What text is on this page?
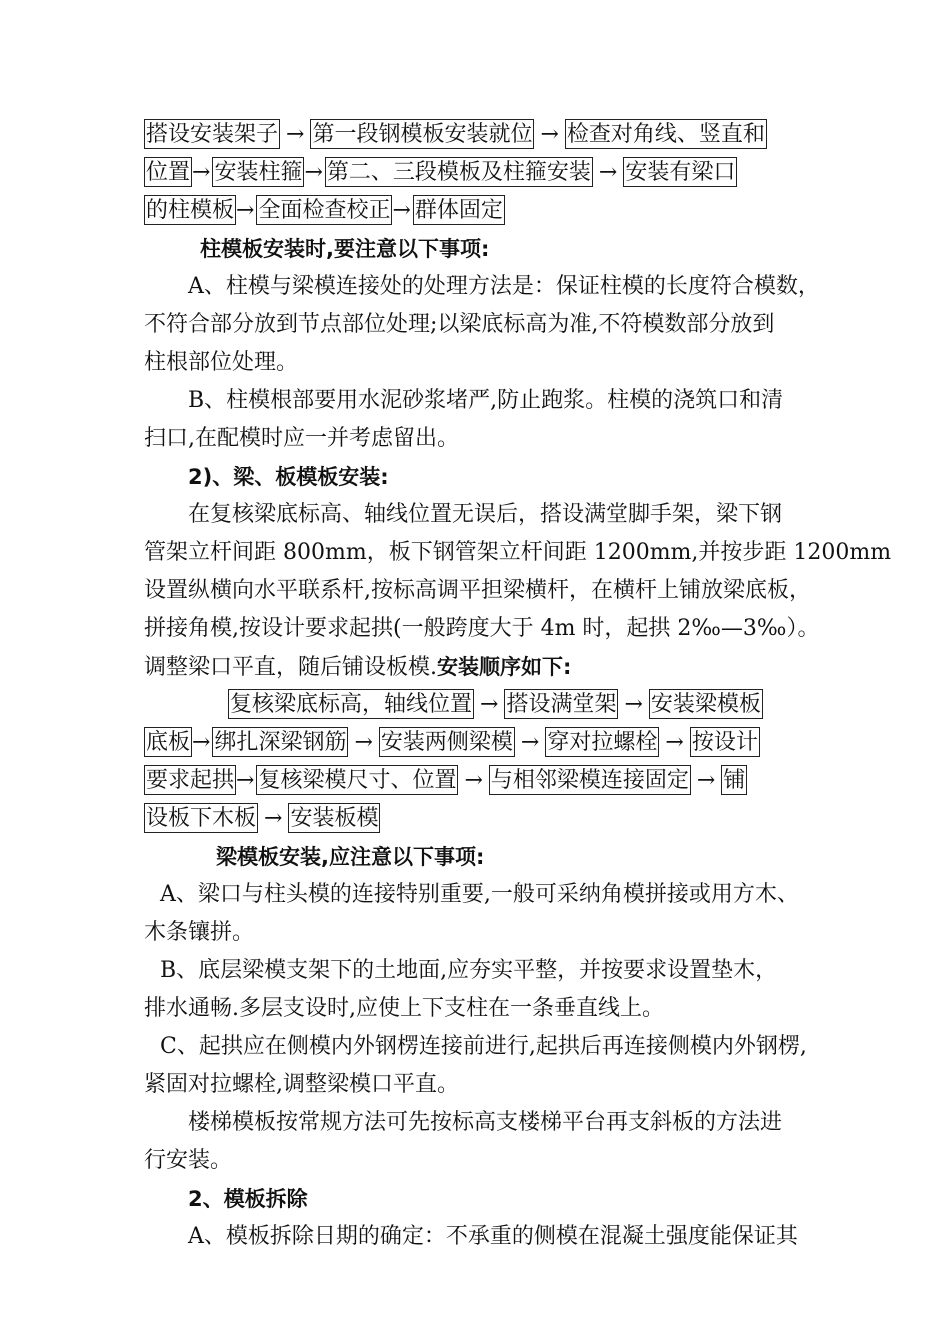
搭设安装架子 → 第一段钢模板安装就位 → 检查对角线、竖直和
位置→ 安装柱箍→ 第二、三段模板及柱箍安装 → 安装有梁口
的柱模板→ 全面检查校正→ 群体固定
柱模板安装时,要注意以下事项:
A、柱模与梁模连接处的处理方法是：保证柱模的长度符合模数，
不符合部分放到节点部位处理;以梁底标高为准,不符模数部分放到
柱根部位处理。
B、柱模根部要用水泥砂浆堵严,防止跑浆。柱模的浇筑口和清
扫口,在配模时应一并考虑留出。
2)、梁、板模板安装:
在复核梁底标高、轴线位置无误后，搭设满堂脚手架，梁下钢
管架立杆间距 800mm，板下钢管架立杆间距 1200mm,并按步距 1200mm
设置纵横向水平联系杆,按标高调平担梁横杆，在横杆上铺放梁底板，
拼接角模,按设计要求起拱(一般跨度大于 4m 时，起拱 2‰—3‰）。
调整梁口平直，随后铺设板模.安装顺序如下:
复核梁底标高，轴线位置 → 搭设满堂架 → 安装梁模板
底板→ 绑扎深梁钢筋 → 安装两侧梁模 → 穿对拉螺栓 → 按设计
要求起拱→ 复核梁模尺寸、位置 → 与相邻梁模连接固定 → 铺
设板下木板 → 安装板模
梁模板安装,应注意以下事项:
A、梁口与柱头模的连接特别重要,一般可采纳角模拼接或用方木、
木条镶拼。
B、底层梁模支架下的土地面,应夯实平整，并按要求设置垫木，
排水通畅.多层支设时,应使上下支柱在一条垂直线上。
C、起拱应在侧模内外钢楞连接前进行,起拱后再连接侧模内外钢楞,
紧固对拉螺栓,调整梁模口平直。
楼梯模板按常规方法可先按标高支楼梯平台再支斜板的方法进
行安装。
2、模板拆除
A、模板拆除日期的确定：不承重的侧模在混凝土强度能保证其
